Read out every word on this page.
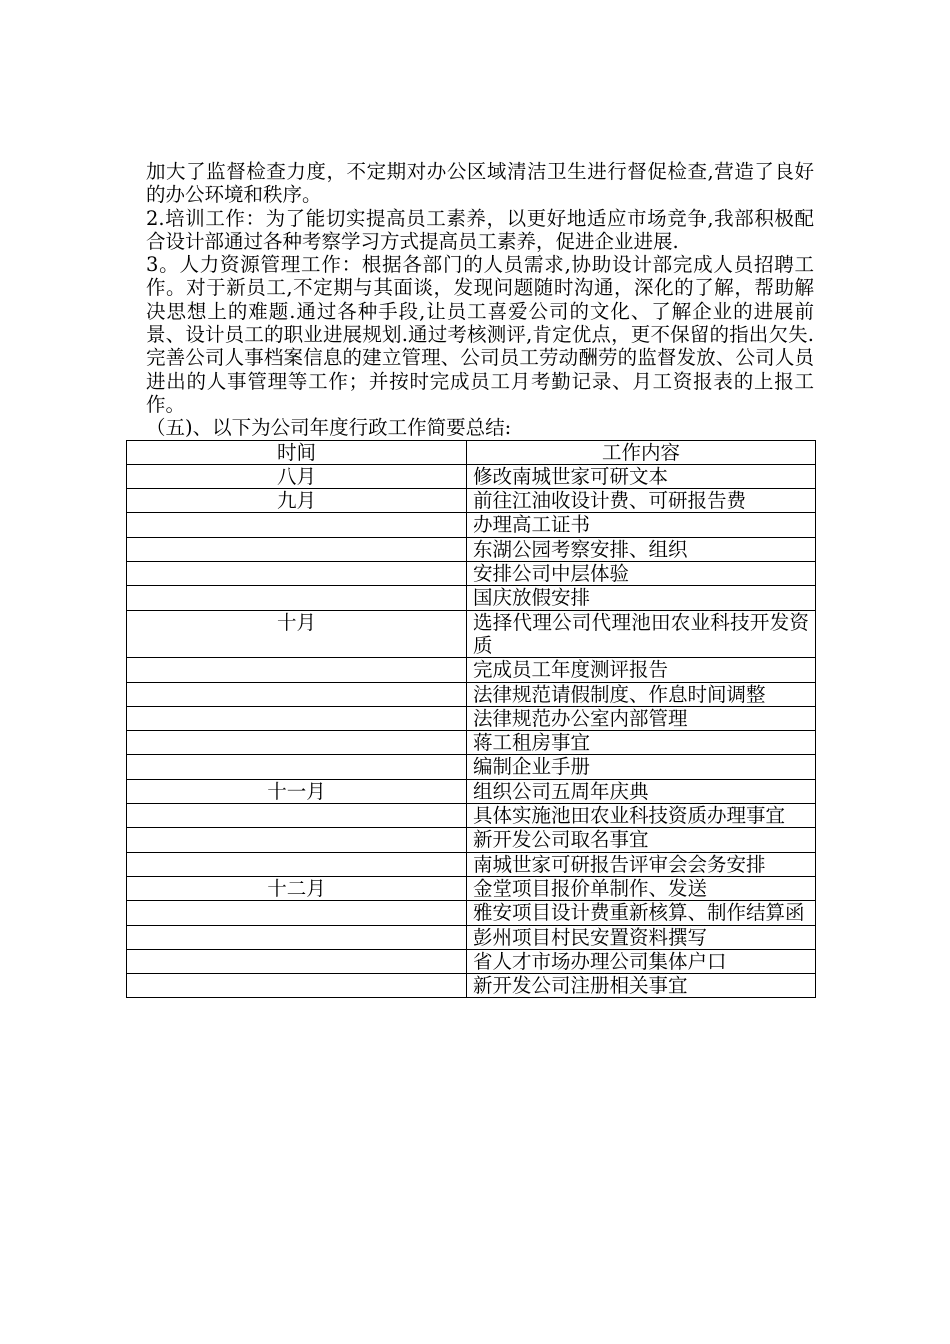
加大了监督检查力度，不定期对办公区域清洁卫生进行督促检查,营造了良好的办公环境和秩序。

2.培训工作：为了能切实提高员工素养，以更好地适应市场竞争,我部积极配合设计部通过各种考察学习方式提高员工素养，促进企业进展.

3。人力资源管理工作：根据各部门的人员需求,协助设计部完成人员招聘工作。对于新员工,不定期与其面谈，发现问题随时沟通，深化的了解，帮助解决思想上的难题.通过各种手段,让员工喜爱公司的文化、了解企业的进展前景、设计员工的职业进展规划.通过考核测评,肯定优点，更不保留的指出欠失.完善公司人事档案信息的建立管理、公司员工劳动酬劳的监督发放、公司人员进出的人事管理等工作；并按时完成员工月考勤记录、月工资报表的上报工作。

（五)、以下为公司年度行政工作简要总结:

时间	工作内容
八月	修改南城世家可研文本
九月	前往江油收设计费、可研报告费
	办理高工证书
	东湖公园考察安排、组织
	安排公司中层体验
	国庆放假安排
十月	选择代理公司代理池田农业科技开发资质
	完成员工年度测评报告
	法律规范请假制度、作息时间调整
	法律规范办公室内部管理
	蒋工租房事宜
	编制企业手册
十一月	组织公司五周年庆典
	具体实施池田农业科技资质办理事宜
	新开发公司取名事宜
	南城世家可研报告评审会会务安排
十二月	金堂项目报价单制作、发送
	雅安项目设计费重新核算、制作结算函
	彭州项目村民安置资料撰写
	省人才市场办理公司集体户口
	新开发公司注册相关事宜
